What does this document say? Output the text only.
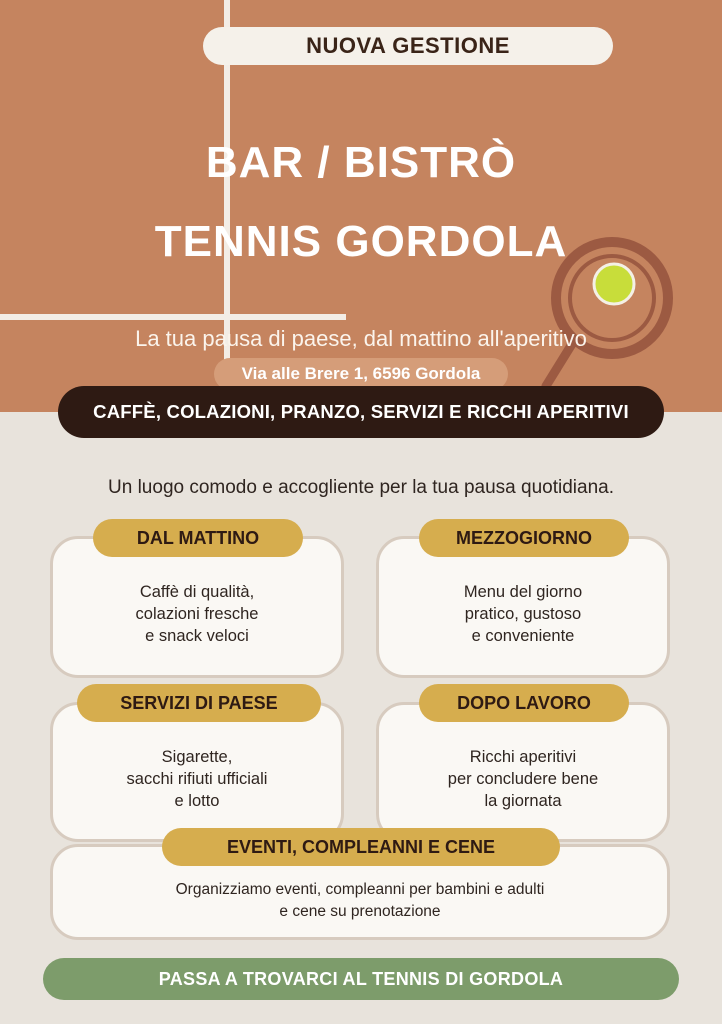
NUOVA GESTIONE
BAR / BISTRÒ
TENNIS GORDOLA
La tua pausa di paese, dal mattino all'aperitivo
Via alle Brere 1, 6596 Gordola
CAFFÈ, COLAZIONI, PRANZO, SERVIZI E RICCHI APERITIVI
Un luogo comodo e accogliente per la tua pausa quotidiana.
Caffè di qualità,
colazioni fresche
e snack veloci
DAL MATTINO
Menu del giorno
pratico, gustoso
e conveniente
MEZZOGIORNO
Sigarette,
sacchi rifiuti ufficiali
e lotto
SERVIZI DI PAESE
Ricchi aperitivi
per concludere bene
la giornata
DOPO LAVORO
Organizziamo eventi, compleanni per bambini e adulti
e cene su prenotazione
EVENTI, COMPLEANNI E CENE
PASSA A TROVARCI AL TENNIS DI GORDOLA
